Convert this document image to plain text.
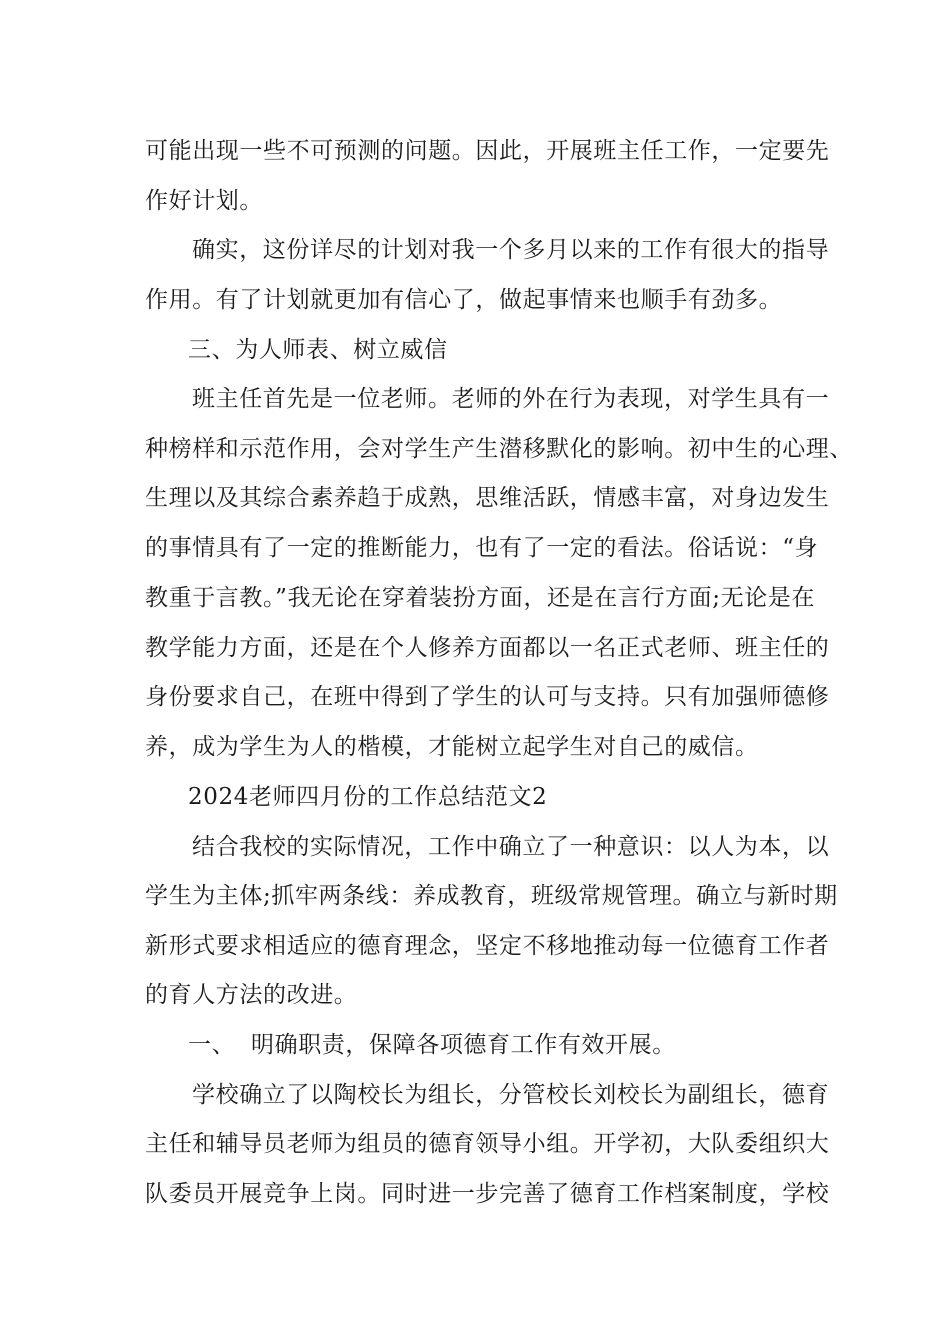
可能出现一些不可预测的问题。因此，开展班主任工作，一定要先
作好计划。
确实，这份详尽的计划对我一个多月以来的工作有很大的指导
作用。有了计划就更加有信心了，做起事情来也顺手有劲多。
三、为人师表、树立威信
班主任首先是一位老师。老师的外在行为表现，对学生具有一
种榜样和示范作用，会对学生产生潜移默化的影响。初中生的心理、
生理以及其综合素养趋于成熟，思维活跃，情感丰富，对身边发生
的事情具有了一定的推断能力，也有了一定的看法。俗话说：“身
教重于言教。”我无论在穿着装扮方面，还是在言行方面;无论是在
教学能力方面，还是在个人修养方面都以一名正式老师、班主任的
身份要求自己，在班中得到了学生的认可与支持。只有加强师德修
养，成为学生为人的楷模，才能树立起学生对自己的威信。
2024老师四月份的工作总结范文2
结合我校的实际情况，工作中确立了一种意识：以人为本，以
学生为主体;抓牢两条线：养成教育，班级常规管理。确立与新时期
新形式要求相适应的德育理念，坚定不移地推动每一位德育工作者
的育人方法的改进。
一、  明确职责，保障各项德育工作有效开展。
学校确立了以陶校长为组长，分管校长刘校长为副组长，德育
主任和辅导员老师为组员的德育领导小组。开学初，大队委组织大
队委员开展竞争上岗。同时进一步完善了德育工作档案制度，学校
